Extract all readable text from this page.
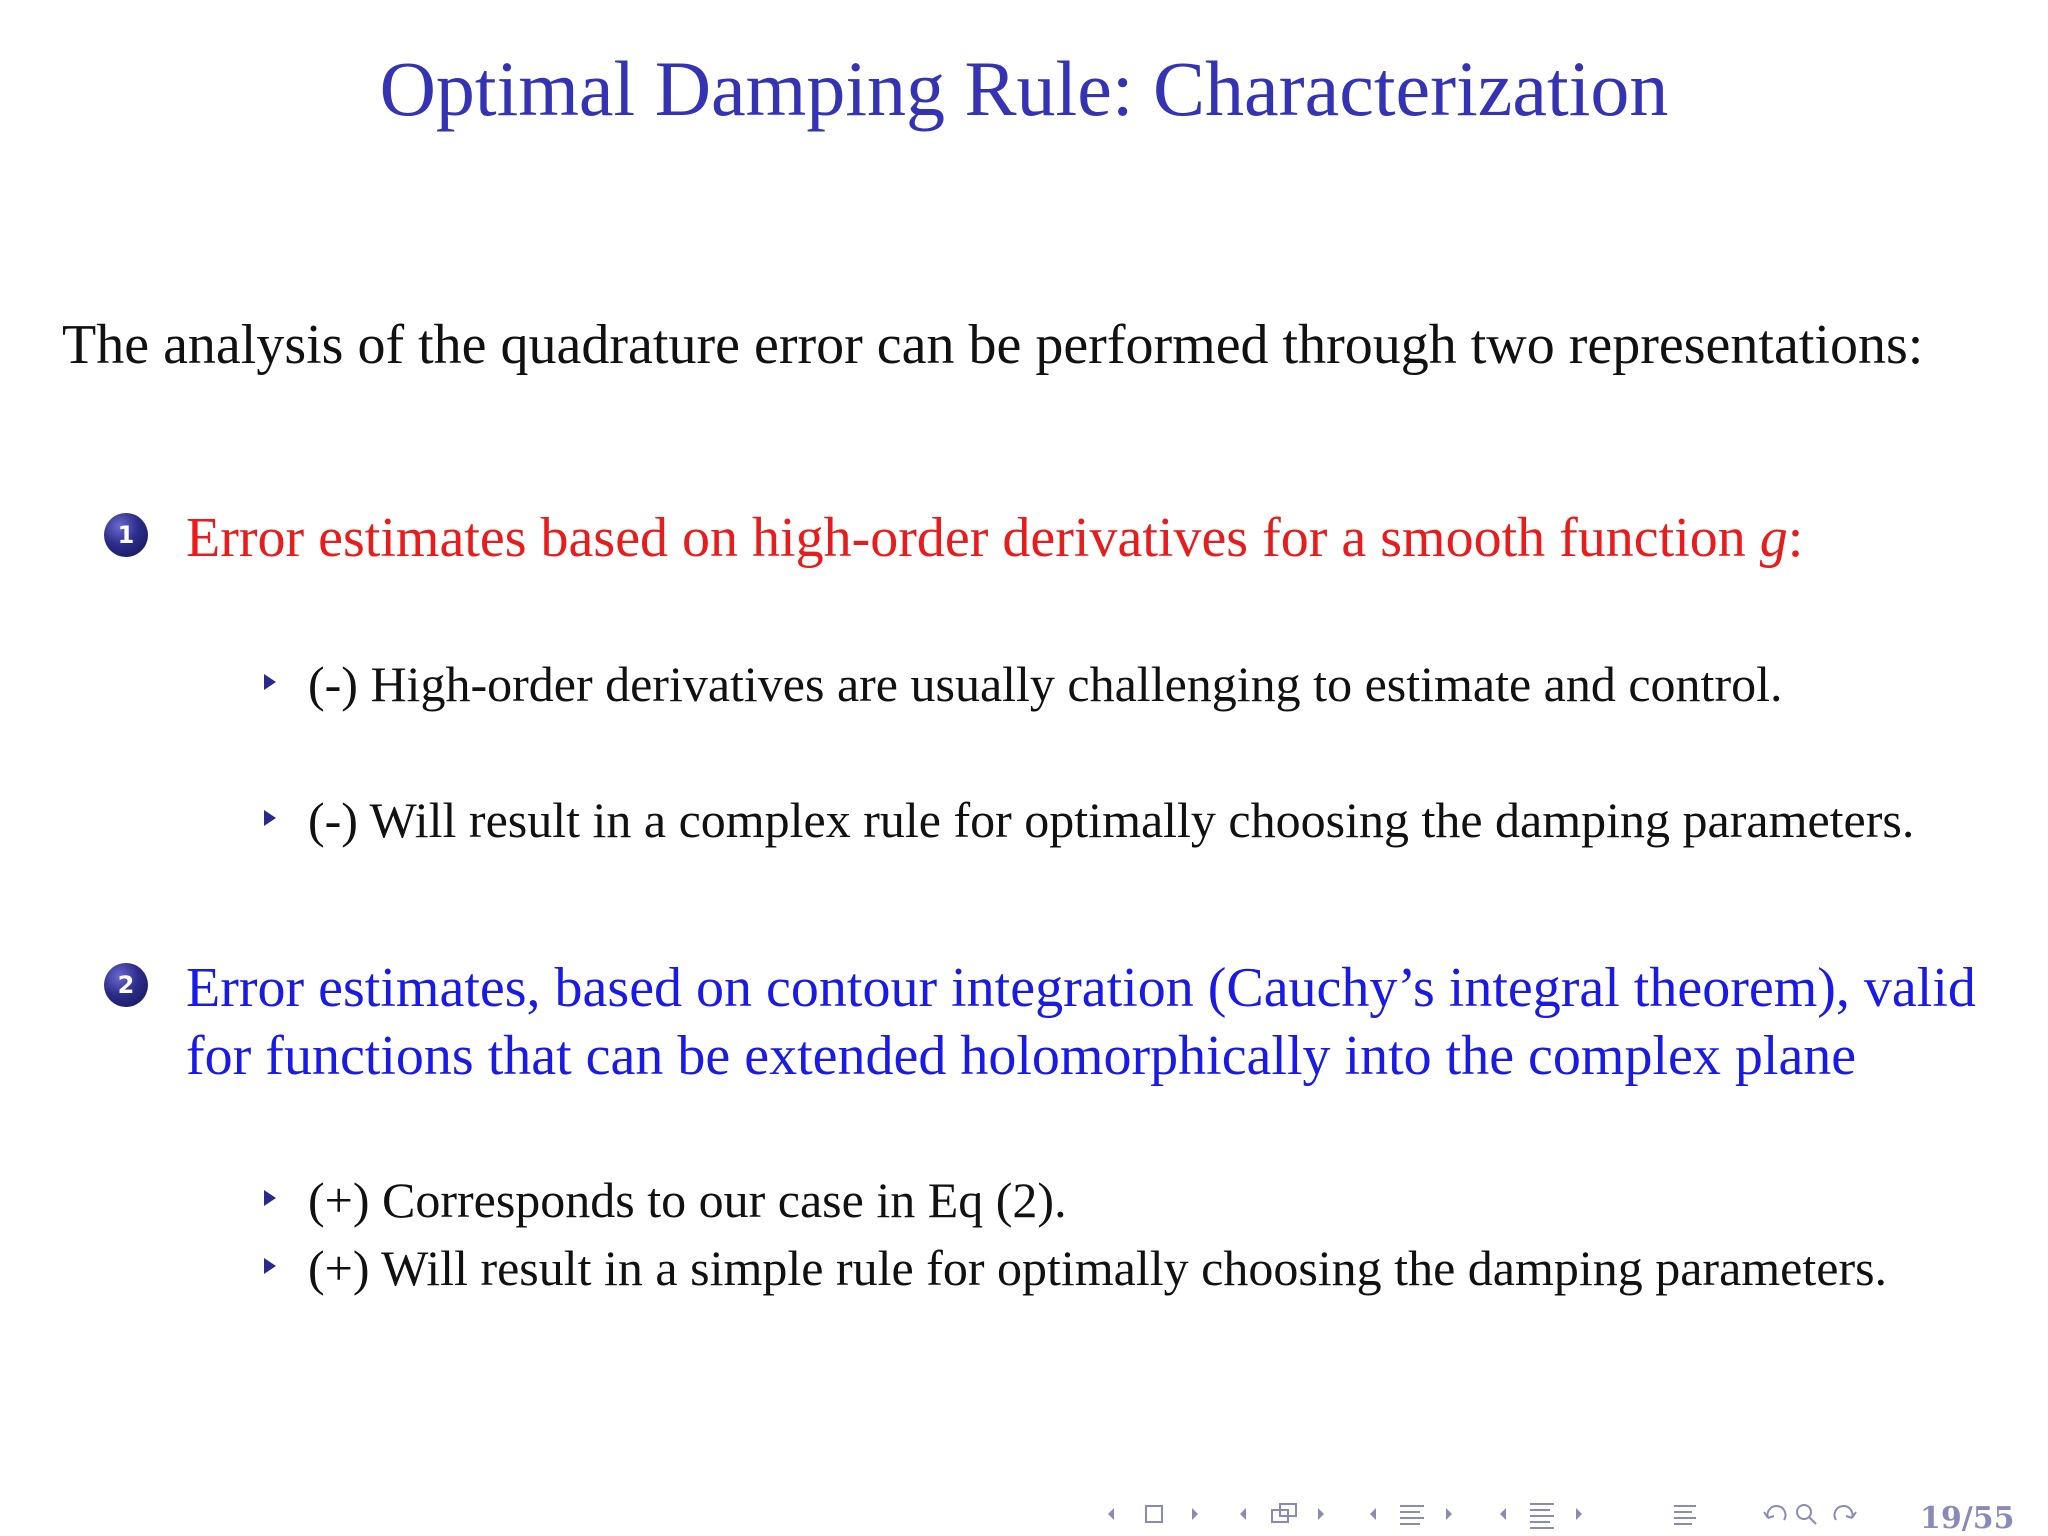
Optimal Damping Rule: Characterization
The analysis of the quadrature error can be performed through two representations:
1 Error estimates based on high-order derivatives for a smooth function g:
(-) High-order derivatives are usually challenging to estimate and control.
(-) Will result in a complex rule for optimally choosing the damping parameters.
2 Error estimates, based on contour integration (Cauchy’s integral theorem), valid for functions that can be extended holomorphically into the complex plane
(+) Corresponds to our case in Eq (2).
(+) Will result in a simple rule for optimally choosing the damping parameters.
19/55
